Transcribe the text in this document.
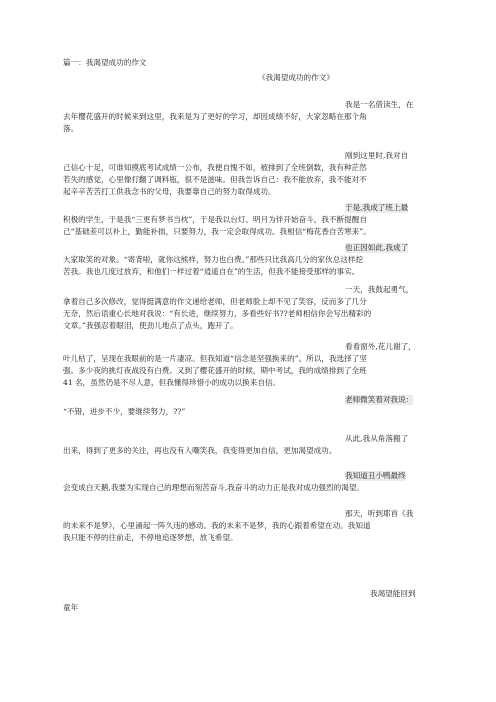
篇一：我渴望成功的作文
《我渴望成功的作文》
我是一名借读生，在
去年樱花盛开的时候来到这里，我来是为了更好的学习，却因成绩不好，大家忽略在那个角
落。
刚到这里时,我对自
己信心十足，可谁知摸底考试成绩一公布，我便自愧不如，被排到了全班倒数，我有种茫然
若失的感觉，心里像打翻了调料瓶，很不是滋味。但我告诉自己：我不能放弃，我不能对不
起辛辛苦苦打工供我念书的父母，我要靠自己的努力取得成功。
于是,我成了班上最
积极的学生，于是我“三更有梦书当枕”，于是我以台灯、明月为伴开始奋斗，我不断提醒自
己“基础差可以补上，勤能补拙，只要努力，我一定会取得成功。我相信“梅花香自苦寒来”。
也正因如此,我成了
大家取笑的对象。“寄背啦，就你这熊样，努力也白费。”那些只比我高几分的家伙总这样挖
苦我。我也几度过放弃，和他们一样过着“逍遥自在”的生活，但我不能接受那样的事实。
一天，我鼓起勇气，
拿着自己多次修改，觉得挺满意的作文递给老师，但老师脸上却不见了笑容，反而多了几分
无奈，然后语重心长地对我说：“有长进，继续努力，多看些好书??老师相信你会写出精彩的
文章。”我强忍着眼泪，使劲儿地点了点头，跑开了。
看看窗外,花儿谢了，
叶儿枯了，呈现在我眼前的是一片凄凉。但我知道“信念是坚强换来的”。所以，我选择了坚
强。多少夜的挑灯夜战没有白费。又到了樱花盛开的时候，期中考试，我的成绩排到了全班
41 名，虽然仍是不尽人意，但我懂得珍惜小的成功以换来自信。
老师微笑着对我说：
“不错，进步不少，要继续努力，??”
从此,我从角落搬了
出来，得到了更多的关注，再也没有人嘲笑我，我变得更加自信，更加渴望成功。
我知道丑小鸭最终
会变成白天鹅,我要为实现自己的理想而刻苦奋斗,我奋斗的动力正是我对成功强烈的渴望。
那天，听到耶首《我
的未来不是梦》，心里涌起一阵久违的感动。我的未来不是梦，我的心跟着希望在动。我知道
我只能不停的往前走，不停地追逐梦想，放飞希望。
我渴望能回到
童年
